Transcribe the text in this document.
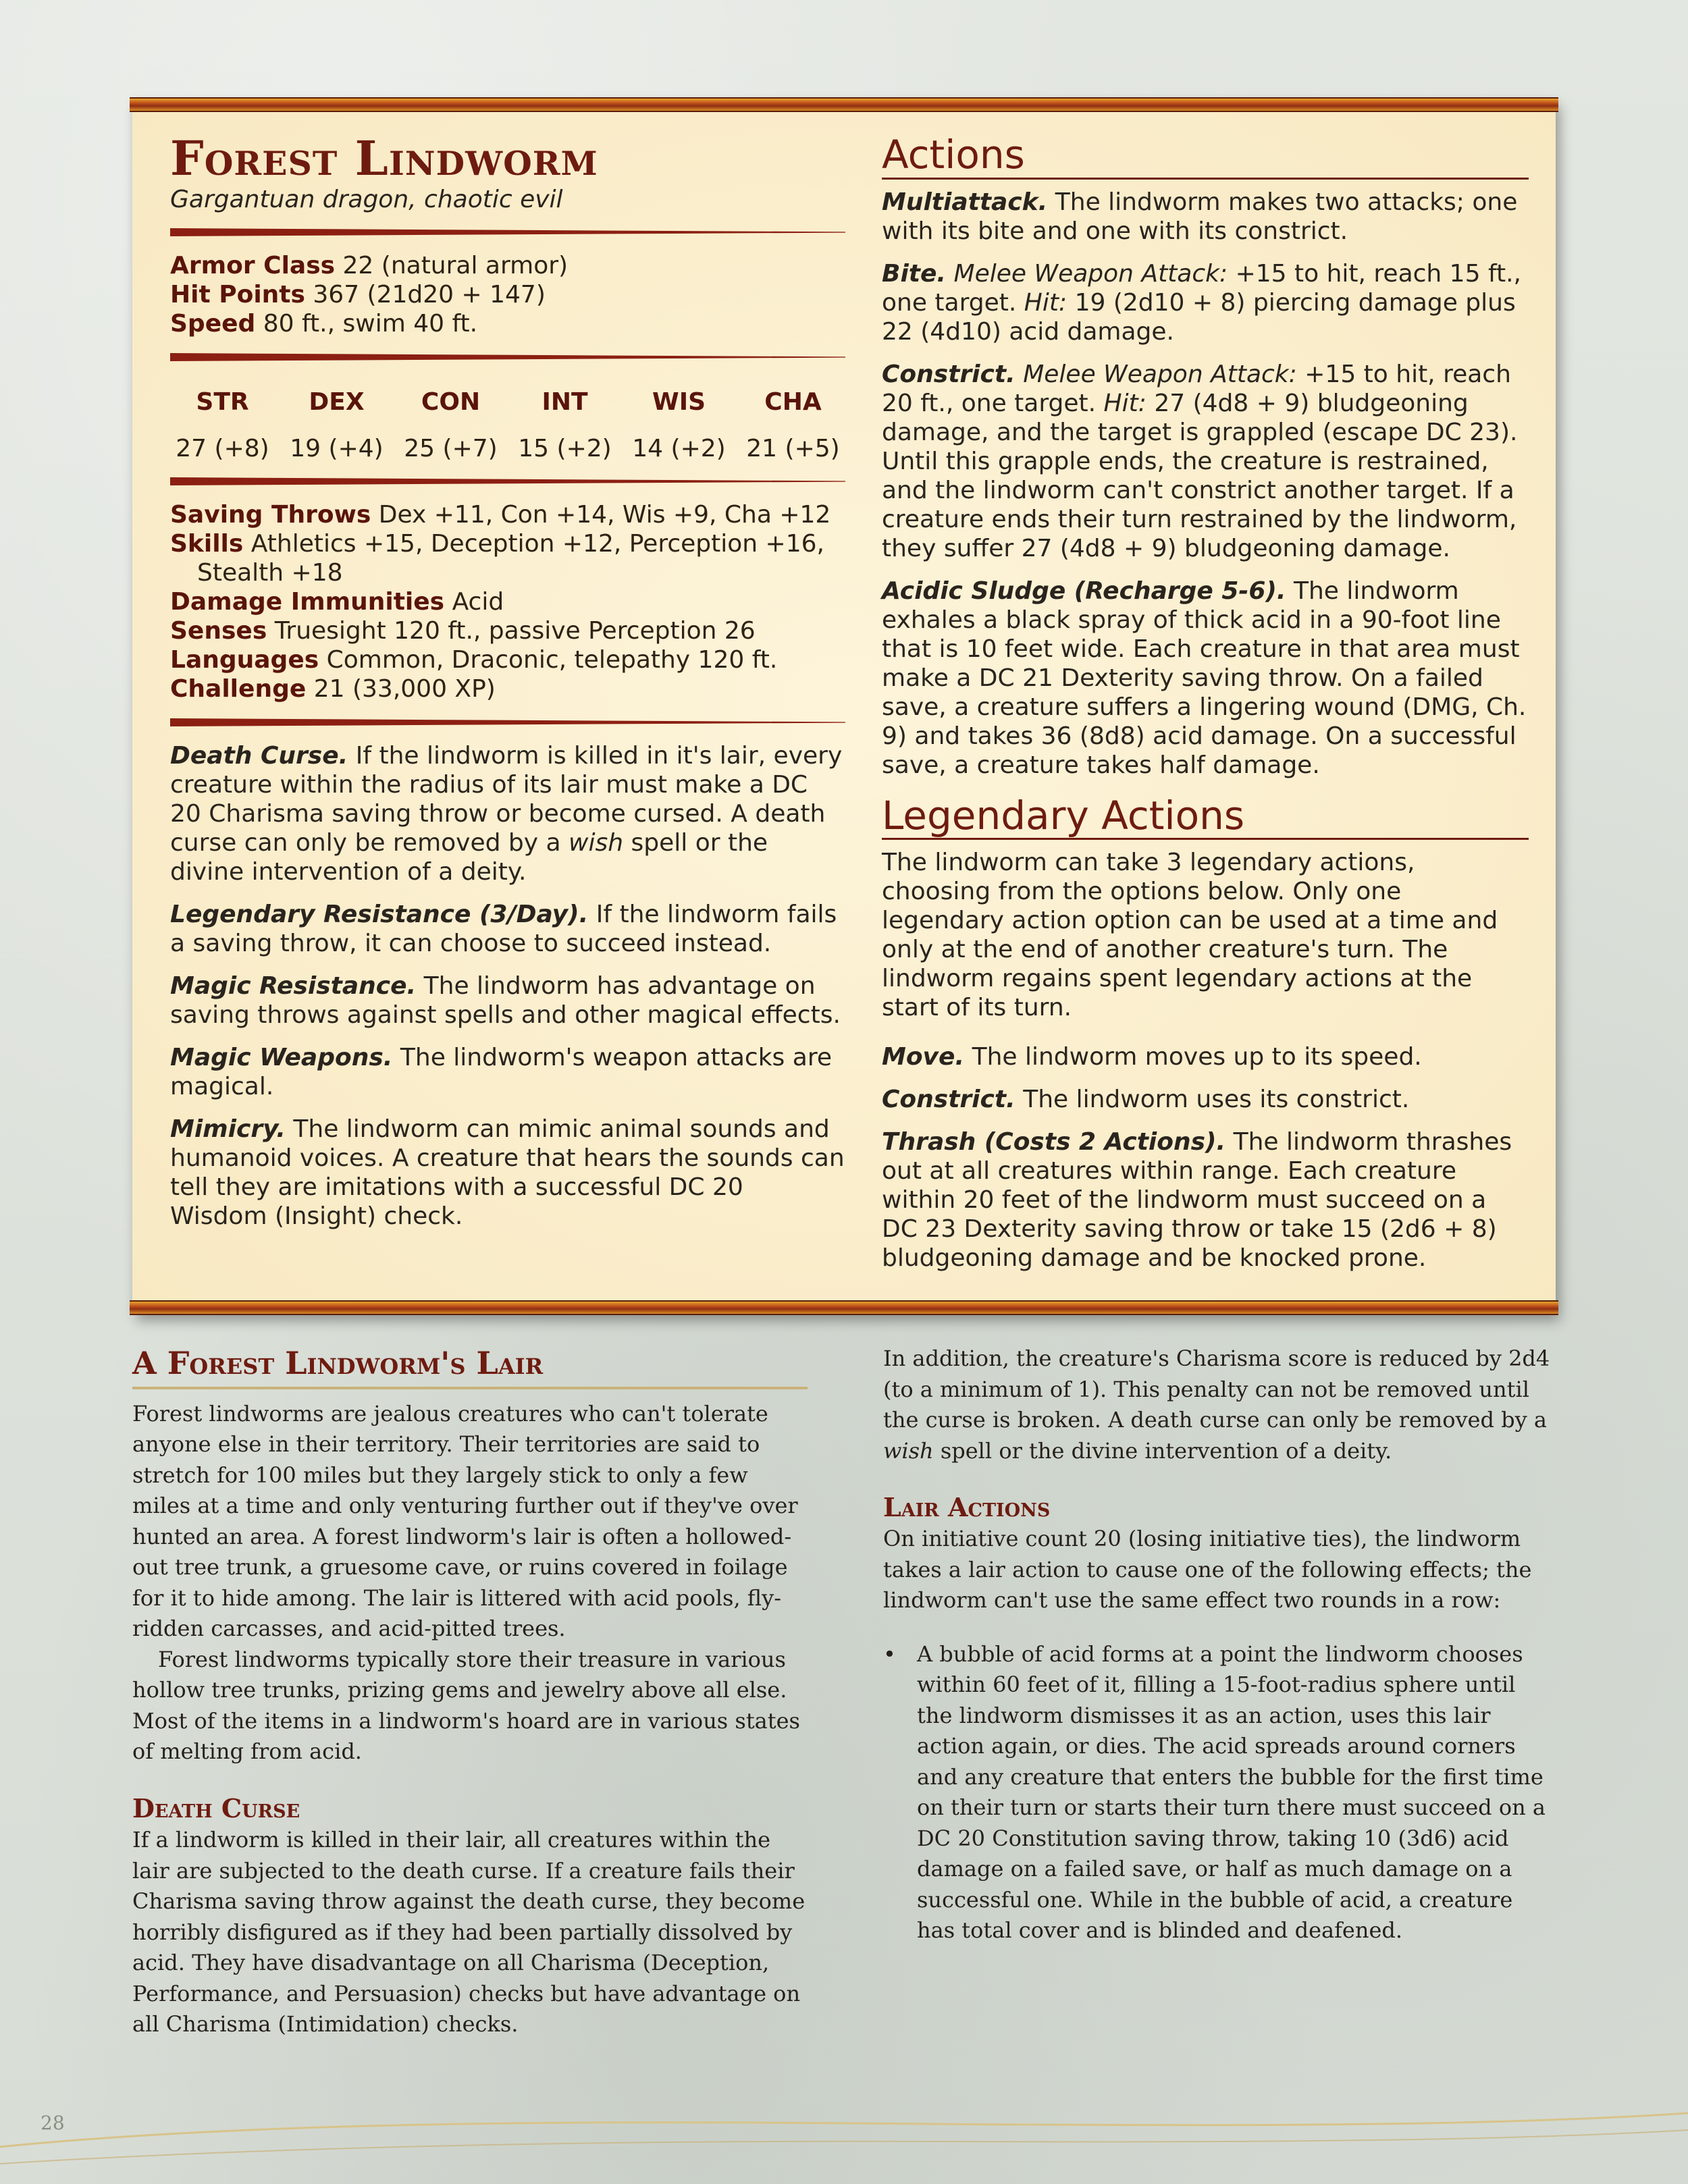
Forest Lindworm
Gargantuan dragon, chaotic evil
Armor Class 22 (natural armor)
Hit Points 367 (21d20 + 147)
Speed 80 ft., swim 40 ft.
STR
27 (+8)
DEX
19 (+4)
CON
25 (+7)
INT
15 (+2)
WIS
14 (+2)
CHA
21 (+5)
Saving Throws Dex +11, Con +14, Wis +9, Cha +12
Skills Athletics +15, Deception +12, Perception +16, Stealth +18
Damage Immunities Acid
Senses Truesight 120 ft., passive Perception 26
Languages Common, Draconic, telepathy 120 ft.
Challenge 21 (33,000 XP)
Death Curse. If the lindworm is killed in it's lair, every creature within the radius of its lair must make a DC 20 Charisma saving throw or become cursed. A death curse can only be removed by a wish spell or the divine intervention of a deity.
Legendary Resistance (3/Day). If the lindworm fails a saving throw, it can choose to succeed instead.
Magic Resistance. The lindworm has advantage on saving throws against spells and other magical effects.
Magic Weapons. The lindworm's weapon attacks are magical.
Mimicry. The lindworm can mimic animal sounds and humanoid voices. A creature that hears the sounds can tell they are imitations with a successful DC 20 Wisdom (Insight) check.
Actions
Multiattack. The lindworm makes two attacks; one with its bite and one with its constrict.
Bite. Melee Weapon Attack: +15 to hit, reach 15 ft., one target. Hit: 19 (2d10 + 8) piercing damage plus 22 (4d10) acid damage.
Constrict. Melee Weapon Attack: +15 to hit, reach 20 ft., one target. Hit: 27 (4d8 + 9) bludgeoning damage, and the target is grappled (escape DC 23). Until this grapple ends, the creature is restrained, and the lindworm can't constrict another target. If a creature ends their turn restrained by the lindworm, they suffer 27 (4d8 + 9) bludgeoning damage.
Acidic Sludge (Recharge 5-6). The lindworm exhales a black spray of thick acid in a 90-foot line that is 10 feet wide. Each creature in that area must make a DC 21 Dexterity saving throw. On a failed save, a creature suffers a lingering wound (DMG, Ch. 9) and takes 36 (8d8) acid damage. On a successful save, a creature takes half damage.
Legendary Actions
The lindworm can take 3 legendary actions, choosing from the options below. Only one legendary action option can be used at a time and only at the end of another creature's turn. The lindworm regains spent legendary actions at the start of its turn.
Move. The lindworm moves up to its speed.
Constrict. The lindworm uses its constrict.
Thrash (Costs 2 Actions). The lindworm thrashes out at all creatures within range. Each creature within 20 feet of the lindworm must succeed on a DC 23 Dexterity saving throw or take 15 (2d6 + 8) bludgeoning damage and be knocked prone.
A Forest Lindworm's Lair

Forest lindworms are jealous creatures who can't tolerate anyone else in their territory. Their territories are said to stretch for 100 miles but they largely stick to only a few miles at a time and only venturing further out if they've over hunted an area. A forest lindworm's lair is often a hollowed-out tree trunk, a gruesome cave, or ruins covered in foilage for it to hide among. The lair is littered with acid pools, fly-ridden carcasses, and acid-pitted trees.

Forest lindworms typically store their treasure in various hollow tree trunks, prizing gems and jewelry above all else. Most of the items in a lindworm's hoard are in various states of melting from acid.

Death Curse

If a lindworm is killed in their lair, all creatures within the lair are subjected to the death curse. If a creature fails their Charisma saving throw against the death curse, they become horribly disfigured as if they had been partially dissolved by acid. They have disadvantage on all Charisma (Deception, Performance, and Persuasion) checks but have advantage on all Charisma (Intimidation) checks.

In addition, the creature's Charisma score is reduced by 2d4 (to a minimum of 1). This penalty can not be removed until the curse is broken. A death curse can only be removed by a wish spell or the divine intervention of a deity.

Lair Actions

On initiative count 20 (losing initiative ties), the lindworm takes a lair action to cause one of the following effects; the lindworm can't use the same effect two rounds in a row:

• A bubble of acid forms at a point the lindworm chooses within 60 feet of it, filling a 15-foot-radius sphere until the lindworm dismisses it as an action, uses this lair action again, or dies. The acid spreads around corners and any creature that enters the bubble for the first time on their turn or starts their turn there must succeed on a DC 20 Constitution saving throw, taking 10 (3d6) acid damage on a failed save, or half as much damage on a successful one. While in the bubble of acid, a creature has total cover and is blinded and deafened.
28
